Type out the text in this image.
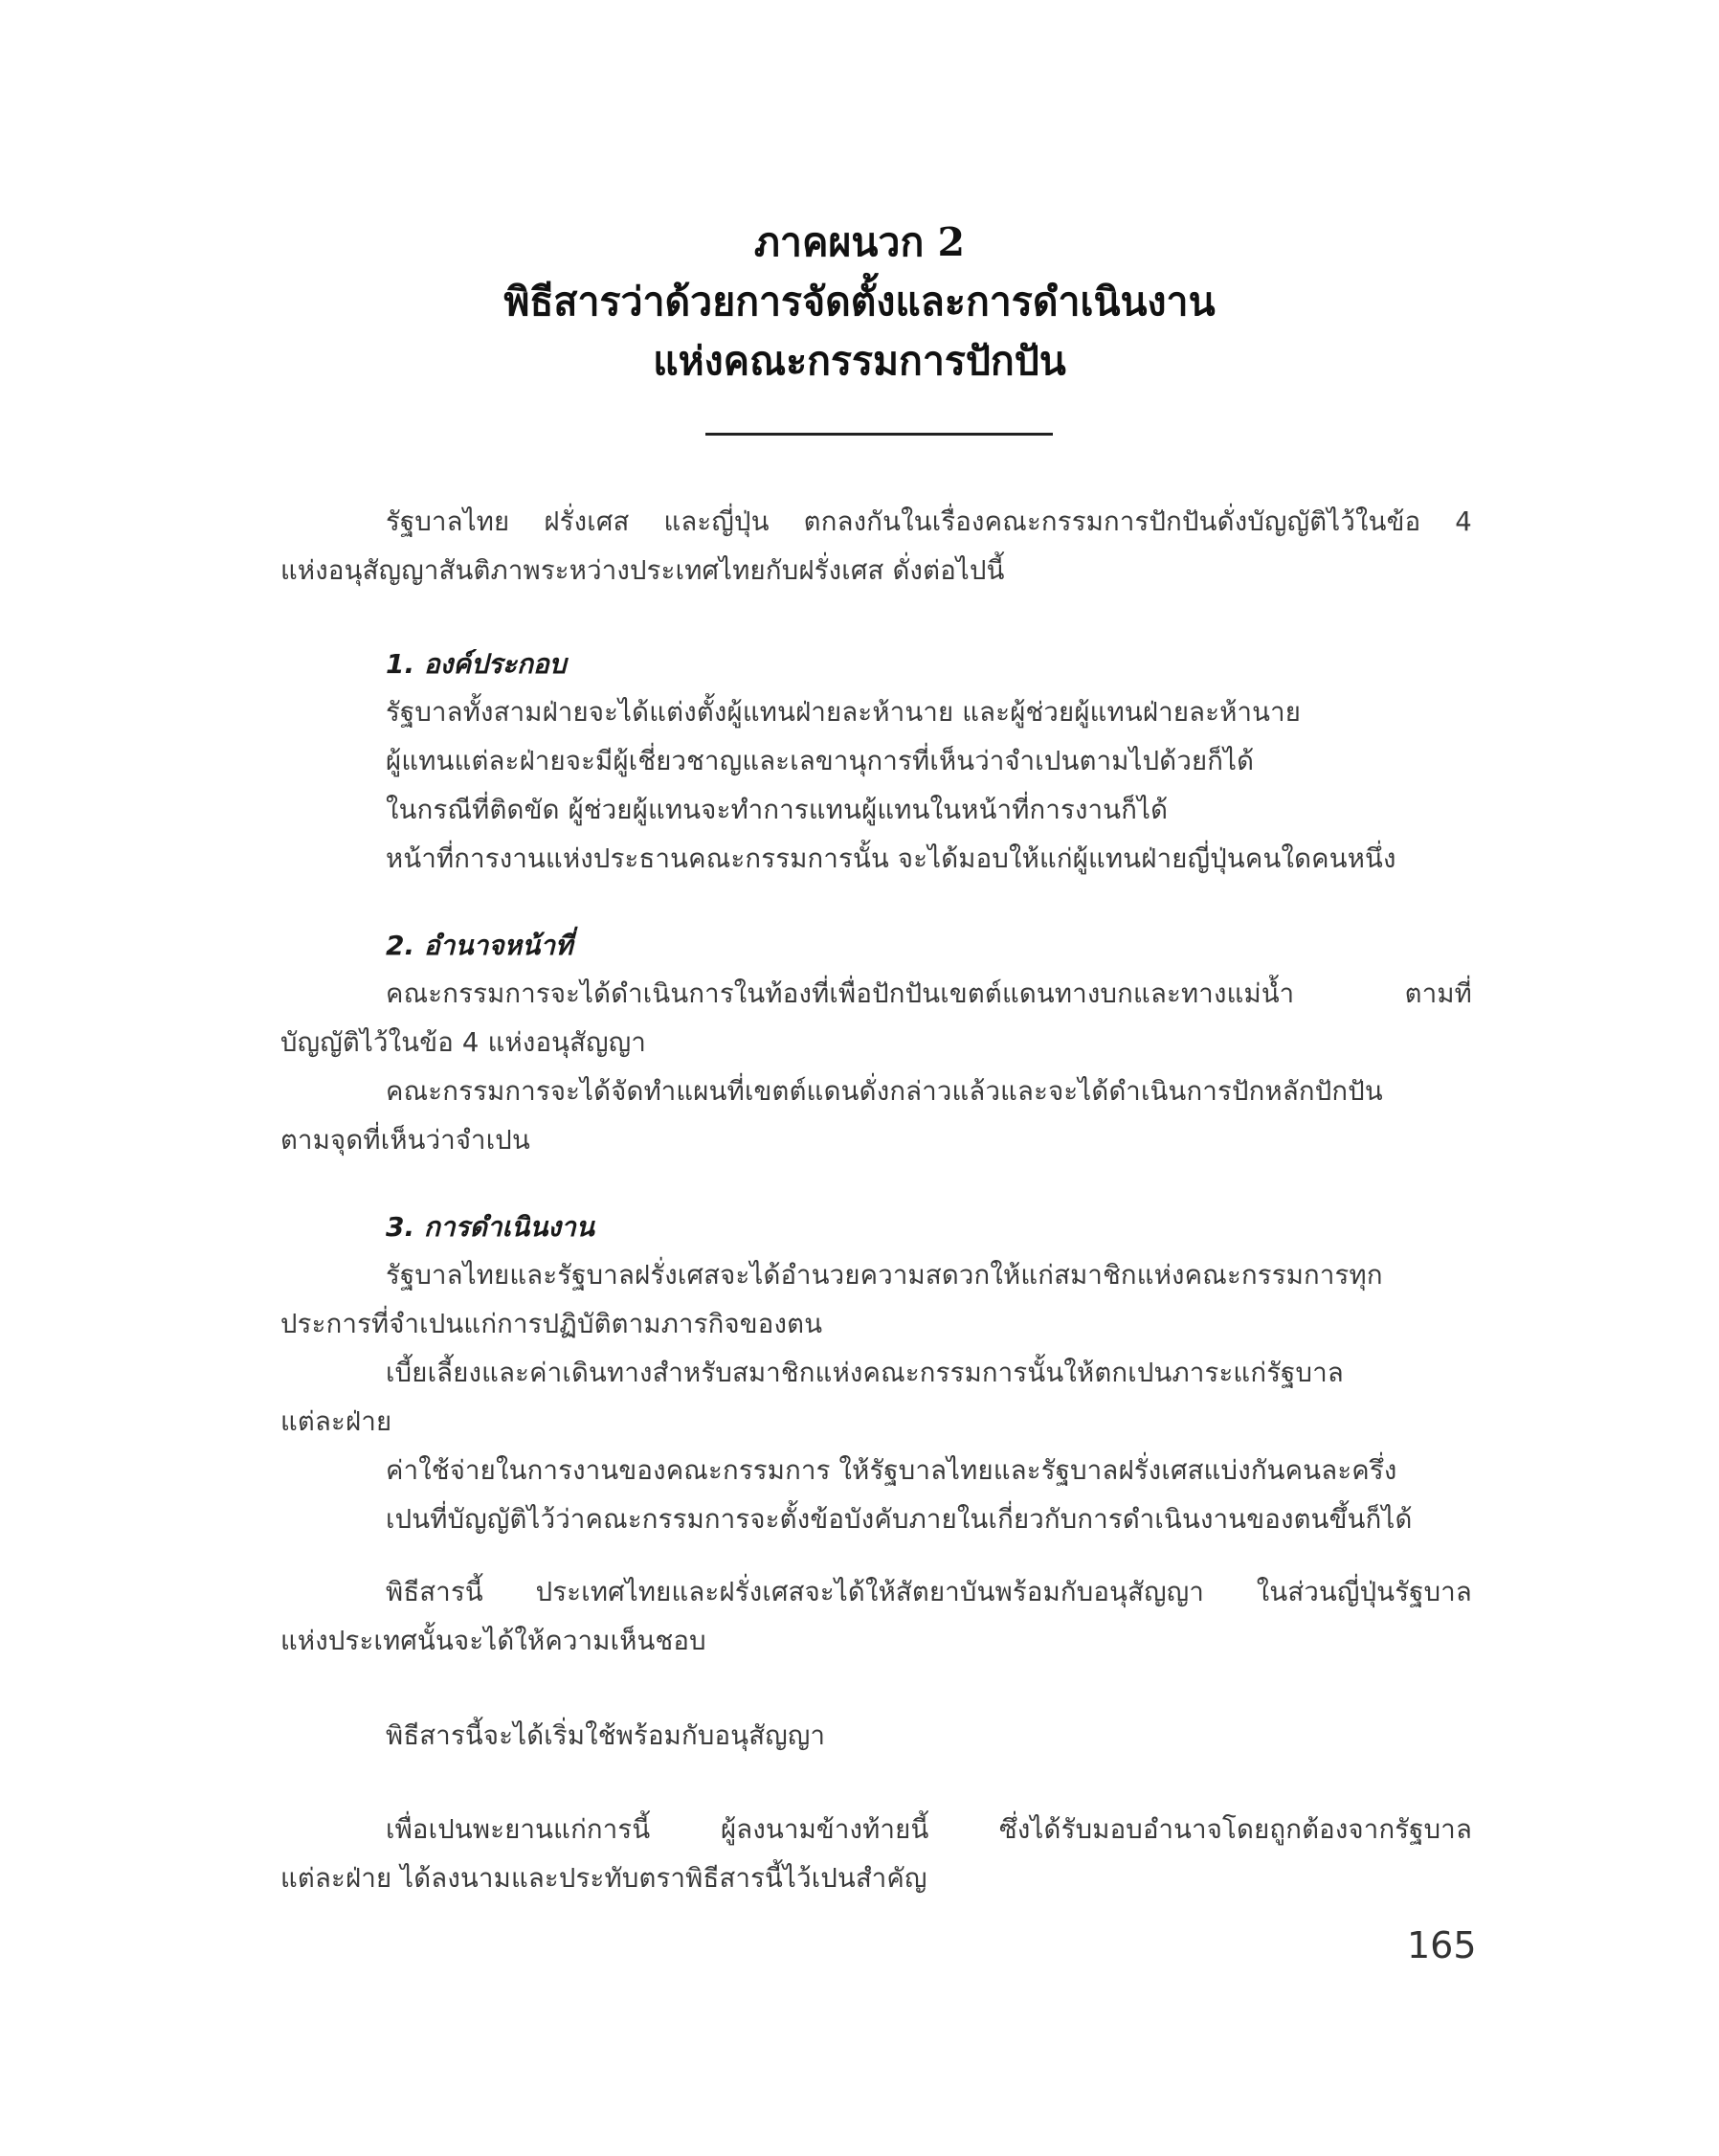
ภาคผนวก 2
พิธีสารว่าด้วยการจัดตั้งและการดำเนินงาน
แห่งคณะกรรมการปักปัน

รัฐบาลไทย ฝรั่งเศส และญี่ปุ่น ตกลงกันในเรื่องคณะกรรมการปักปันดั่งบัญญัติไว้ในข้อ 4

แห่งอนุสัญญาสันติภาพระหว่างประเทศไทยกับฝรั่งเศส ดั่งต่อไปนี้

1. องค์ประกอบ

รัฐบาลทั้งสามฝ่ายจะได้แต่งตั้งผู้แทนฝ่ายละห้านาย และผู้ช่วยผู้แทนฝ่ายละห้านาย

ผู้แทนแต่ละฝ่ายจะมีผู้เชี่ยวชาญและเลขานุการที่เห็นว่าจำเปนตามไปด้วยก็ได้

ในกรณีที่ติดขัด ผู้ช่วยผู้แทนจะทำการแทนผู้แทนในหน้าที่การงานก็ได้

หน้าที่การงานแห่งประธานคณะกรรมการนั้น จะได้มอบให้แก่ผู้แทนฝ่ายญี่ปุ่นคนใดคนหนึ่ง

2. อำนาจหน้าที่

คณะกรรมการจะได้ดำเนินการในท้องที่เพื่อปักปันเขตต์แดนทางบกและทางแม่น้ำ ตามที่

บัญญัติไว้ในข้อ 4 แห่งอนุสัญญา

คณะกรรมการจะได้จัดทำแผนที่เขตต์แดนดั่งกล่าวแล้วและจะได้ดำเนินการปักหลักปักปัน

ตามจุดที่เห็นว่าจำเปน

3. การดำเนินงาน

รัฐบาลไทยและรัฐบาลฝรั่งเศสจะได้อำนวยความสดวกให้แก่สมาชิกแห่งคณะกรรมการทุก

ประการที่จำเปนแก่การปฏิบัติตามภารกิจของตน

เบี้ยเลี้ยงและค่าเดินทางสำหรับสมาชิกแห่งคณะกรรมการนั้นให้ตกเปนภาระแก่รัฐบาล

แต่ละฝ่าย

ค่าใช้จ่ายในการงานของคณะกรรมการ ให้รัฐบาลไทยและรัฐบาลฝรั่งเศสแบ่งกันคนละครึ่ง

เปนที่บัญญัติไว้ว่าคณะกรรมการจะตั้งข้อบังคับภายในเกี่ยวกับการดำเนินงานของตนขึ้นก็ได้

พิธีสารนี้ ประเทศไทยและฝรั่งเศสจะได้ให้สัตยาบันพร้อมกับอนุสัญญา ในส่วนญี่ปุ่นรัฐบาล

แห่งประเทศนั้นจะได้ให้ความเห็นชอบ

พิธีสารนี้จะได้เริ่มใช้พร้อมกับอนุสัญญา

เพื่อเปนพะยานแก่การนี้ ผู้ลงนามข้างท้ายนี้ ซึ่งได้รับมอบอำนาจโดยถูกต้องจากรัฐบาล

แต่ละฝ่าย ได้ลงนามและประทับตราพิธีสารนี้ไว้เปนสำคัญ

165
